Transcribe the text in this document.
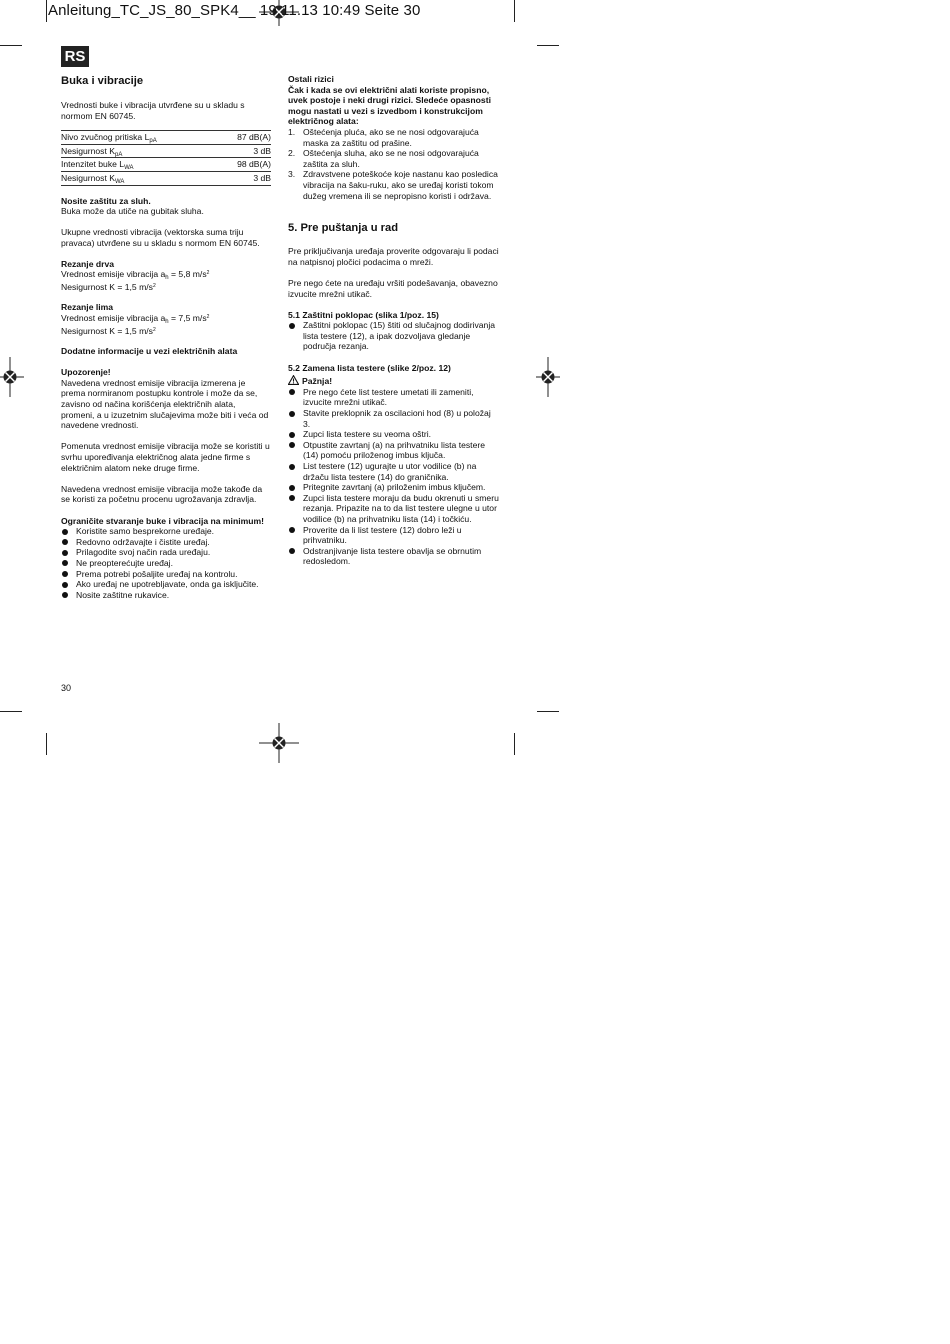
Anleitung_TC_JS_80_SPK4__ 19.11.13 10:49 Seite 30
RS
Buka i vibracije

Vrednosti buke i vibracija utvrđene su u skladu s normom EN 60745.

Nivo zvučnog pritiska $L_{pA}$	87 dB(A)
Nesigurnost $K_{pA}$	3 dB
Intenzitet buke $L_{WA}$	98 dB(A)
Nesigurnost $K_{WA}$	3 dB

Nosite zaštitu za sluh.

Buka može da utiče na gubitak sluha.

Ukupne vrednosti vibracija (vektorska suma triju pravaca) utvrđene su u skladu s normom EN 60745.

Rezanje drva

Vrednost emisije vibracija $a_h = 5,8$ $m/s^2$

Nesigurnost K = 1,5 $m/s^2$

Rezanje lima

Vrednost emisije vibracija $a_h = 7,5$ $m/s^2$

Nesigurnost K = 1,5 $m/s^2$

Dodatne informacije u vezi električnih alata

Upozorenje!

Navedena vrednost emisije vibracija izmerena je prema normiranom postupku kontrole i može da se, zavisno od načina korišćenja električnih alata, promeni, a u izuzetnim slučajevima može biti i veća od navedene vrednosti.

Pomenuta vrednost emisije vibracija može se koristiti u svrhu upoređivanja električnog alata jedne firme s električnim alatom neke druge firme.

Navedena vrednost emisije vibracija može takođe da se koristi za početnu procenu ugrožavanja zdravlja.

Ograničite stvaranje buke i vibracija na minimum!

Koristite samo besprekorne uređaje.
Redovno održavajte i čistite uređaj.
Prilagodite svoj način rada uređaju.
Ne preopterećujte uređaj.
Prema potrebi pošaljite uređaj na kontrolu.
Ako uređaj ne upotrebljavate, onda ga isključite.
Nosite zaštitne rukavice.

Ostali rizici

Čak i kada se ovi električni alati koriste propisno, uvek postoje i neki drugi rizici. Sledeće opasnosti mogu nastati u vezi s izvedbom i konstrukcijom električnog alata:

1. Oštećenja pluća, ako se ne nosi odgovarajuća maska za zaštitu od prašine.
2. Oštećenja sluha, ako se ne nosi odgovarajuća zaštita za sluh.
3. Zdravstvene poteškoće koje nastanu kao posledica vibracija na šaku-ruku, ako se uređaj koristi tokom dužeg vremena ili se nepropisno koristi i održava.
5. Pre puštanja u rad

Pre priključivanja uređaja proverite odgovaraju li podaci na natpisnoj pločici podacima o mreži.

Pre nego ćete na uređaju vršiti podešavanja, obavezno izvucite mrežni utikač.

5.1 Zaštitni poklopac (slika 1/poz. 15)

Zaštitni poklopac (15) štiti od slučajnog dodirivanja lista testere (12), a ipak dozvoljava gledanje područja rezanja.

5.2 Zamena lista testere (slike 2/poz. 12)

Pažnja!

Pre nego ćete list testere umetati ili zameniti, izvucite mrežni utikač.
Stavite preklopnik za oscilacioni hod (8) u položaj 3.
Zupci lista testere su veoma oštri.
Otpustite zavrtanj (a) na prihvatniku lista testere (14) pomoću priloženog imbus ključa.
List testere (12) ugurajte u utor vodilice (b) na držaču lista testere (14) do graničnika.
Pritegnite zavrtanj (a) priloženim imbus ključem.
Zupci lista testere moraju da budu okrenuti u smeru rezanja. Pripazite na to da list testere ulegne u utor vodilice (b) na prihvatniku lista (14) i točkiću.
Proverite da li list testere (12) dobro leži u prihvatniku.
Odstranjivanje lista testere obavlja se obrnutim redosledom.
30
